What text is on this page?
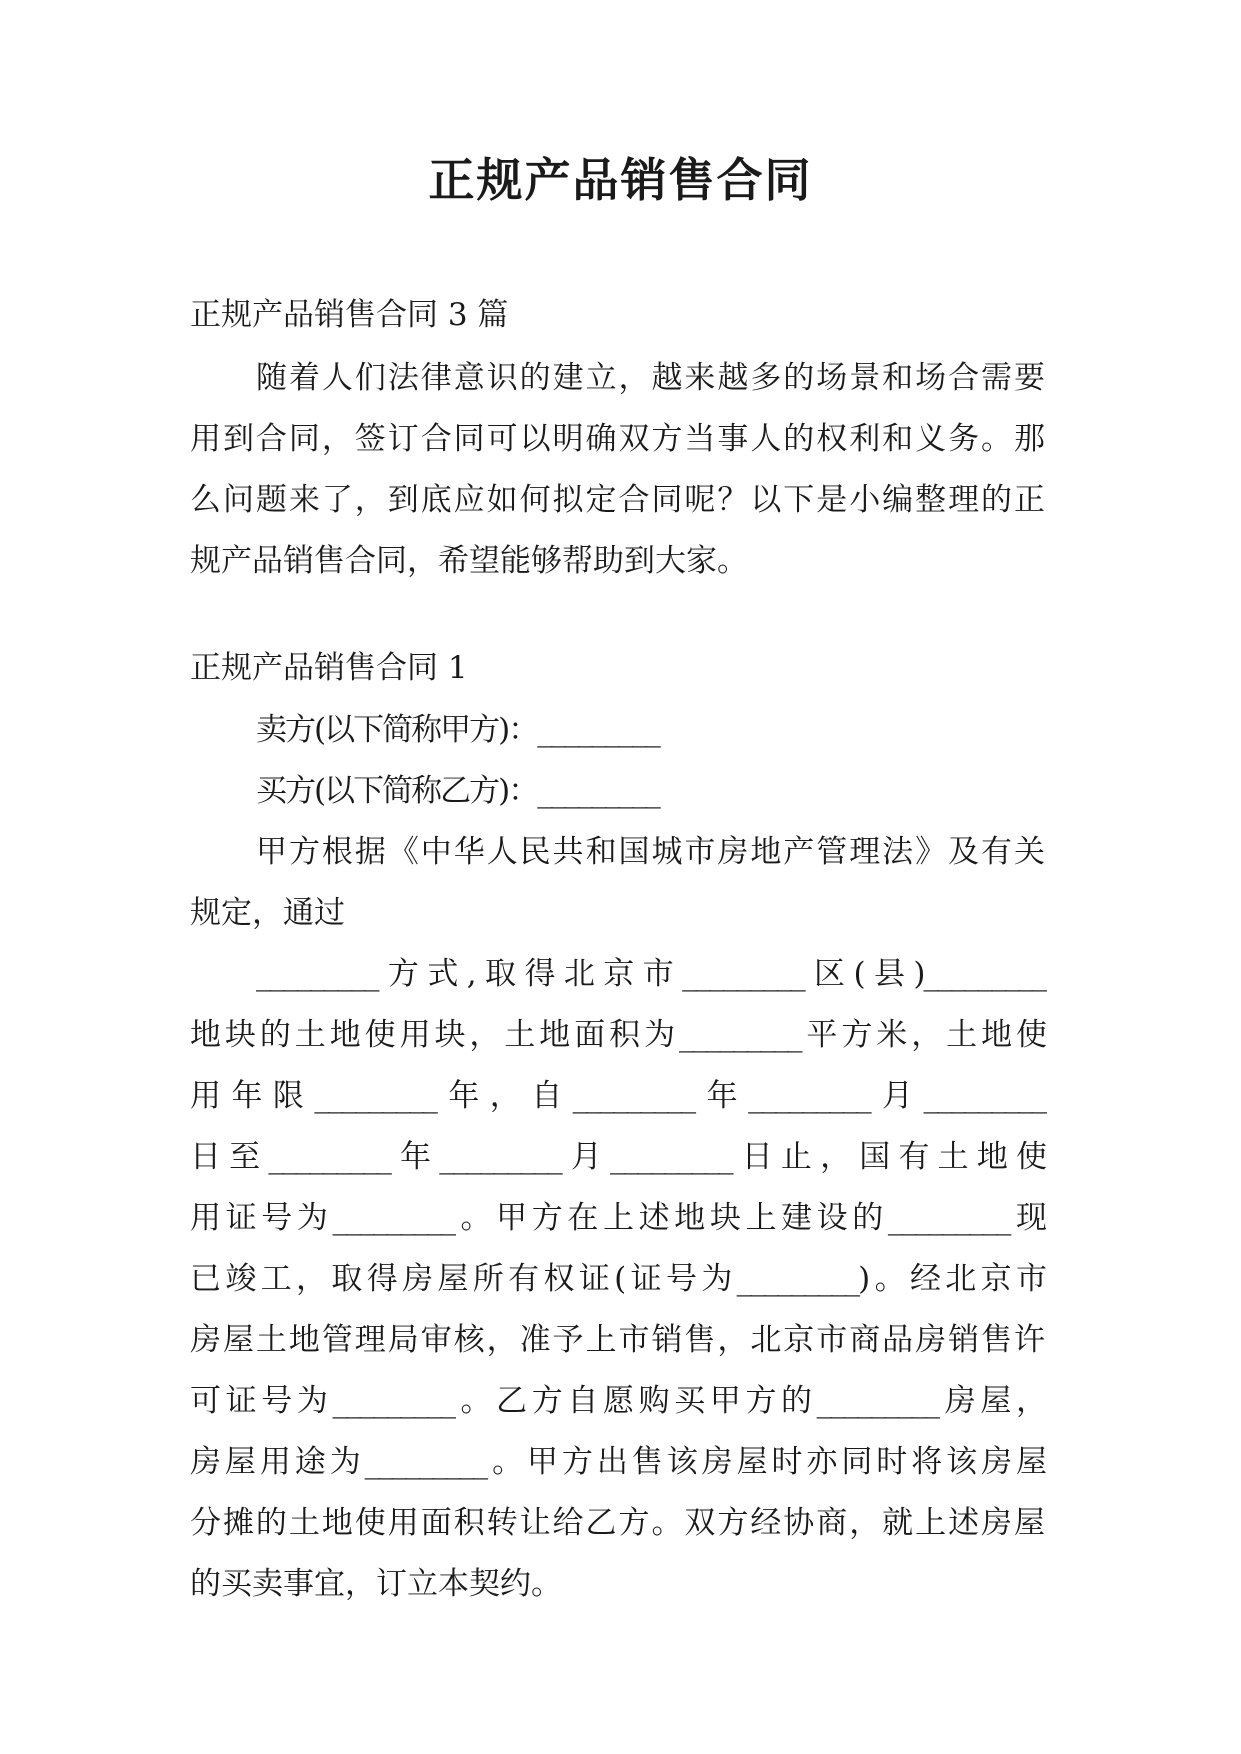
正规产品销售合同

正规产品销售合同 3 篇

随着人们法律意识的建立，越来越多的场景和场合需要

用到合同，签订合同可以明确双方当事人的权利和义务。那

么问题来了，到底应如何拟定合同呢？以下是小编整理的正

规产品销售合同，希望能够帮助到大家。

正规产品销售合同 1

卖方(以下简称甲方)：_________

买方(以下简称乙方)：_________

甲方根据《中华人民共和国城市房地产管理法》及有关

规定，通过

_________方式,取得北京市_________区(县)_________

地块的土地使用块，土地面积为_________平方米，土地使

用年限_________年，自_________年_________月_________

日至_________年_________月_________日止，国有土地使

用证号为_________。甲方在上述地块上建设的_________现

已竣工，取得房屋所有权证(证号为_________)。经北京市

房屋土地管理局审核，准予上市销售，北京市商品房销售许

可证号为_________。乙方自愿购买甲方的_________房屋，

房屋用途为_________。甲方出售该房屋时亦同时将该房屋

分摊的土地使用面积转让给乙方。双方经协商，就上述房屋

的买卖事宜，订立本契约。
